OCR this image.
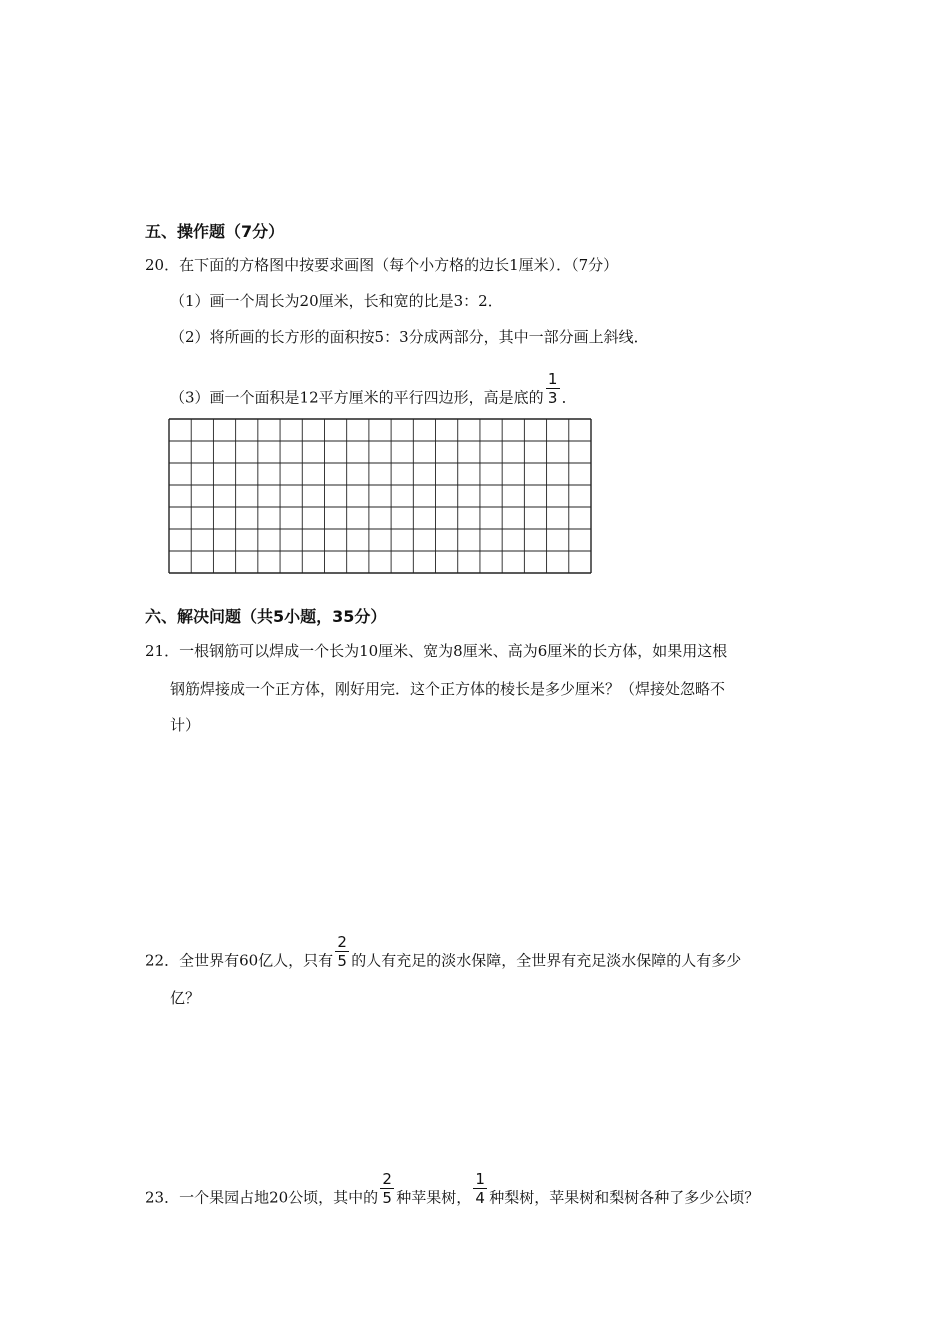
五、操作题（7分）
20．在下面的方格图中按要求画图（每个小方格的边长1厘米）．（7分）
（1）画一个周长为20厘米，长和宽的比是3：2．
（2）将所画的长方形的面积按5：3分成两部分，其中一部分画上斜线．
（3）画一个面积是12平方厘米的平行四边形，高是底的 $\frac{1}{3}$ ．
六、解决问题（共5小题，35分）
21．一根钢筋可以焊成一个长为10厘米、宽为8厘米、高为6厘米的长方体，如果用这根
钢筋焊接成一个正方体，刚好用完．这个正方体的棱长是多少厘米？（焊接处忽略不
计）
22．全世界有60亿人，只有 $\frac{2}{5}$ 的人有充足的淡水保障，全世界有充足淡水保障的人有多少
亿？
23．一个果园占地20公顷，其中的 $\frac{2}{5}$ 种苹果树， $\frac{1}{4}$ 种梨树，苹果树和梨树各种了多少公顷？
